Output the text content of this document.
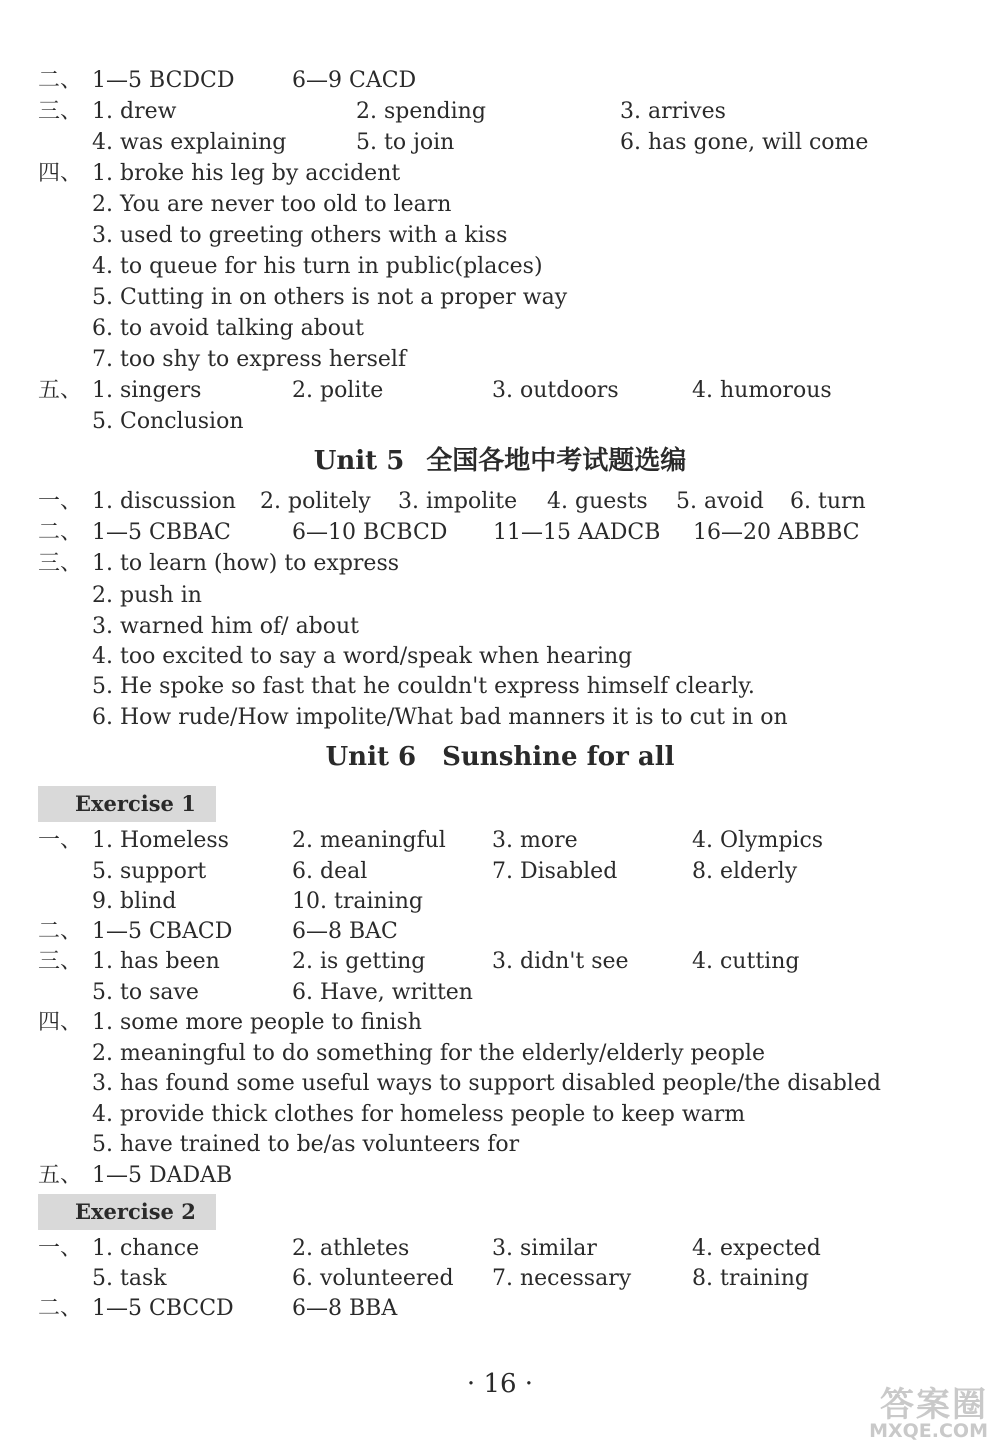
二、 1—5 BCDCD	6—9 CACD
三、 1. drew	2. spending	3. arrives
4. was explaining	5. to join	6. has gone, will come
四、 1. broke his leg by accident
2. You are never too old to learn
3. used to greeting others with a kiss
4. to queue for his turn in public(places)
5. Cutting in on others is not a proper way
6. to avoid talking about
7. too shy to express herself
五、 1. singers	2. polite	3. outdoors	4. humorous
5. Conclusion
Unit 5 全国各地中考试题选编
一、 1. discussion 2. politely 3. impolite 4. guests 5. avoid 6. turn
二、 1—5 CBBAC	6—10 BCBCD 11—15 AADCB 16—20 ABBBC
三、 1. to learn (how) to express
2. push in
3. warned him of/ about
4. too excited to say a word/speak when hearing
5. He spoke so fast that he couldn't express himself clearly.
6. How rude/How impolite/What bad manners it is to cut in on
Unit 6 Sunshine for all
Exercise 1
一、 1. Homeless	2. meaningful 3. more	4. Olympics
5. support	6. deal	7. Disabled	8. elderly
9. blind	10. training
二、 1—5 CBACD	6—8 BAC
三、 1. has been	2. is getting	3. didn't see	4. cutting
5. to save	6. Have, written
四、 1. some more people to finish
2. meaningful to do something for the elderly/elderly people
3. has found some useful ways to support disabled people/the disabled
4. provide thick clothes for homeless people to keep warm
5. have trained to be/as volunteers for
五、 1—5 DADAB
Exercise 2
一、 1. chance	2. athletes	3. similar	4. expected
5. task	6. volunteered 7. necessary	8. training
二、 1—5 CBCCD	6—8 BBA
· 16 ·
答案圈
MXQE.COM
